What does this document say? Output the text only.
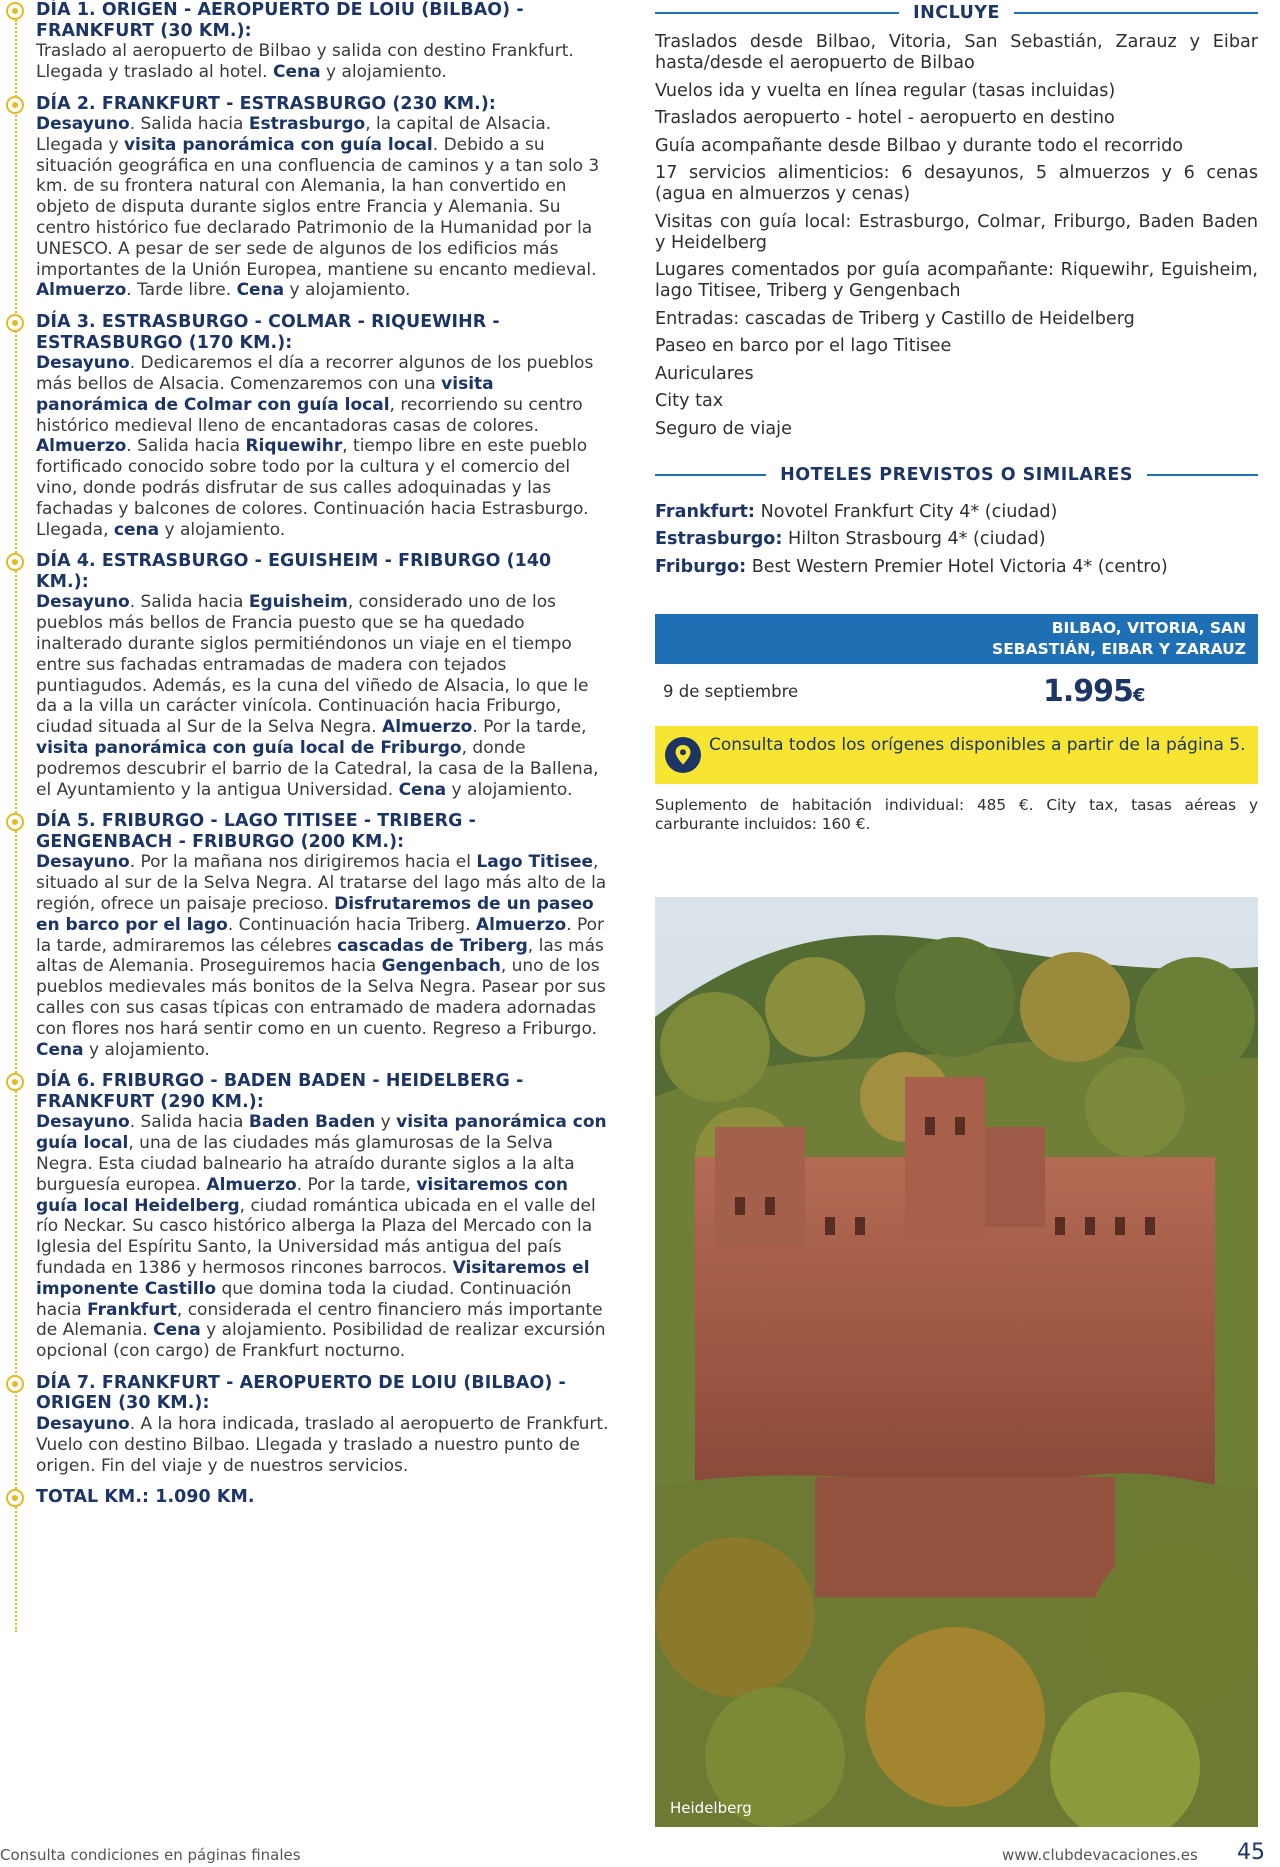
DÍA 1. ORIGEN - AEROPUERTO DE LOIU (BILBAO) - FRANKFURT (30 KM.):

Traslado al aeropuerto de Bilbao y salida con destino Frankfurt. Llegada y traslado al hotel. Cena y alojamiento.

DÍA 2. FRANKFURT - ESTRASBURGO (230 KM.):

Desayuno. Salida hacia Estrasburgo, la capital de Alsacia. Llegada y visita panorámica con guía local. Debido a su situación geográfica en una confluencia de caminos y a tan solo 3 km. de su frontera natural con Alemania, la han convertido en objeto de disputa durante siglos entre Francia y Alemania. Su centro histórico fue declarado Patrimonio de la Humanidad por la UNESCO. A pesar de ser sede de algunos de los edificios más importantes de la Unión Europea, mantiene su encanto medieval. Almuerzo. Tarde libre. Cena y alojamiento.

DÍA 3. ESTRASBURGO - COLMAR - RIQUEWIHR - ESTRASBURGO (170 KM.):

Desayuno. Dedicaremos el día a recorrer algunos de los pueblos más bellos de Alsacia. Comenzaremos con una visita panorámica de Colmar con guía local, recorriendo su centro histórico medieval lleno de encantadoras casas de colores. Almuerzo. Salida hacia Riquewihr, tiempo libre en este pueblo fortificado conocido sobre todo por la cultura y el comercio del vino, donde podrás disfrutar de sus calles adoquinadas y las fachadas y balcones de colores. Continuación hacia Estrasburgo. Llegada, cena y alojamiento.

DÍA 4. ESTRASBURGO - EGUISHEIM - FRIBURGO (140 KM.):

Desayuno. Salida hacia Eguisheim, considerado uno de los pueblos más bellos de Francia puesto que se ha quedado inalterado durante siglos permitiéndonos un viaje en el tiempo entre sus fachadas entramadas de madera con tejados puntiagudos. Además, es la cuna del viñedo de Alsacia, lo que le da a la villa un carácter vinícola. Continuación hacia Friburgo, ciudad situada al Sur de la Selva Negra. Almuerzo. Por la tarde, visita panorámica con guía local de Friburgo, donde podremos descubrir el barrio de la Catedral, la casa de la Ballena, el Ayuntamiento y la antigua Universidad. Cena y alojamiento.

DÍA 5. FRIBURGO - LAGO TITISEE - TRIBERG - GENGENBACH - FRIBURGO (200 KM.):

Desayuno. Por la mañana nos dirigiremos hacia el Lago Titisee, situado al sur de la Selva Negra. Al tratarse del lago más alto de la región, ofrece un paisaje precioso. Disfrutaremos de un paseo en barco por el lago. Continuación hacia Triberg. Almuerzo. Por la tarde, admiraremos las célebres cascadas de Triberg, las más altas de Alemania. Proseguiremos hacia Gengenbach, uno de los pueblos medievales más bonitos de la Selva Negra. Pasear por sus calles con sus casas típicas con entramado de madera adornadas con flores nos hará sentir como en un cuento. Regreso a Friburgo. Cena y alojamiento.

DÍA 6. FRIBURGO - BADEN BADEN - HEIDELBERG - FRANKFURT (290 KM.):

Desayuno. Salida hacia Baden Baden y visita panorámica con guía local, una de las ciudades más glamurosas de la Selva Negra. Esta ciudad balneario ha atraído durante siglos a la alta burguesía europea. Almuerzo. Por la tarde, visitaremos con guía local Heidelberg, ciudad romántica ubicada en el valle del río Neckar. Su casco histórico alberga la Plaza del Mercado con la Iglesia del Espíritu Santo, la Universidad más antigua del país fundada en 1386 y hermosos rincones barrocos. Visitaremos el imponente Castillo que domina toda la ciudad. Continuación hacia Frankfurt, considerada el centro financiero más importante de Alemania. Cena y alojamiento. Posibilidad de realizar excursión opcional (con cargo) de Frankfurt nocturno.

DÍA 7. FRANKFURT - AEROPUERTO DE LOIU (BILBAO) - ORIGEN (30 KM.):

Desayuno. A la hora indicada, traslado al aeropuerto de Frankfurt. Vuelo con destino Bilbao. Llegada y traslado a nuestro punto de origen. Fin del viaje y de nuestros servicios.

TOTAL KM.: 1.090 KM.
INCLUYE
Traslados desde Bilbao, Vitoria, San Sebastián, Zarauz y Eibar hasta/desde el aeropuerto de Bilbao
Vuelos ida y vuelta en línea regular (tasas incluidas)
Traslados aeropuerto - hotel - aeropuerto en destino
Guía acompañante desde Bilbao y durante todo el recorrido
17 servicios alimenticios: 6 desayunos, 5 almuerzos y 6 cenas (agua en almuerzos y cenas)
Visitas con guía local: Estrasburgo, Colmar, Friburgo, Baden Baden y Heidelberg
Lugares comentados por guía acompañante: Riquewihr, Eguisheim, lago Titisee, Triberg y Gengenbach
Entradas: cascadas de Triberg y Castillo de Heidelberg
Paseo en barco por el lago Titisee
Auriculares
City tax
Seguro de viaje
HOTELES PREVISTOS O SIMILARES
Frankfurt: Novotel Frankfurt City 4* (ciudad)
Estrasburgo: Hilton Strasbourg 4* (ciudad)
Friburgo: Best Western Premier Hotel Victoria 4* (centro)
BILBAO, VITORIA, SAN
SEBASTIÁN, EIBAR Y ZARAUZ
9 de septiembre	1.995€

Consulta todos los orígenes disponibles a partir de la página 5.

Suplemento de habitación individual: 485 €. City tax, tasas aéreas y carburante incluidos: 160 €.
Heidelberg
Consulta condiciones en páginas finales	www.clubdevacaciones.es 45
